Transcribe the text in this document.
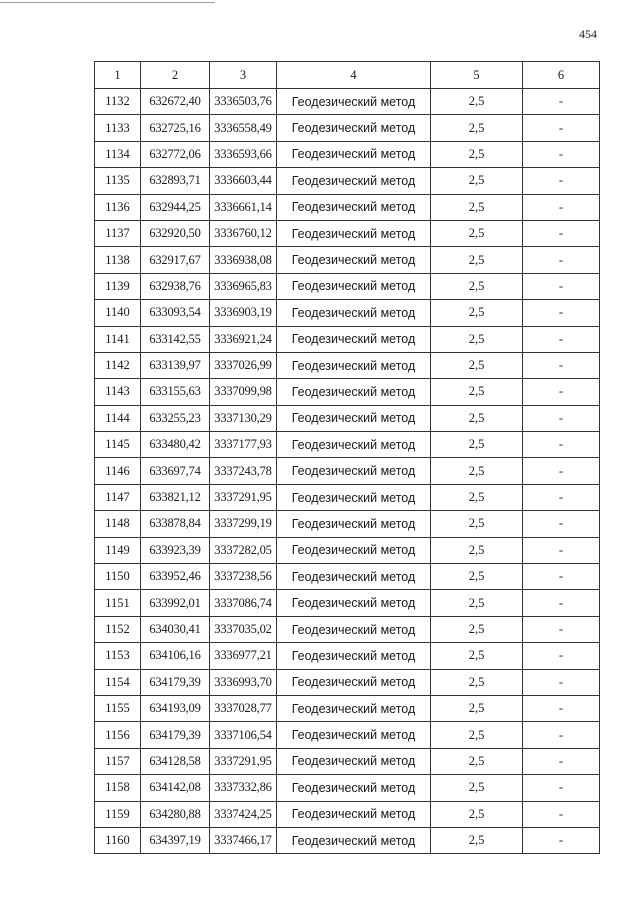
454
1	2	3	4	5	6
1132	632672,40	3336503,76	Геодезический метод	2,5	-
1133	632725,16	3336558,49	Геодезический метод	2,5	-
1134	632772,06	3336593,66	Геодезический метод	2,5	-
1135	632893,71	3336603,44	Геодезический метод	2,5	-
1136	632944,25	3336661,14	Геодезический метод	2,5	-
1137	632920,50	3336760,12	Геодезический метод	2,5	-
1138	632917,67	3336938,08	Геодезический метод	2,5	-
1139	632938,76	3336965,83	Геодезический метод	2,5	-
1140	633093,54	3336903,19	Геодезический метод	2,5	-
1141	633142,55	3336921,24	Геодезический метод	2,5	-
1142	633139,97	3337026,99	Геодезический метод	2,5	-
1143	633155,63	3337099,98	Геодезический метод	2,5	-
1144	633255,23	3337130,29	Геодезический метод	2,5	-
1145	633480,42	3337177,93	Геодезический метод	2,5	-
1146	633697,74	3337243,78	Геодезический метод	2,5	-
1147	633821,12	3337291,95	Геодезический метод	2,5	-
1148	633878,84	3337299,19	Геодезический метод	2,5	-
1149	633923,39	3337282,05	Геодезический метод	2,5	-
1150	633952,46	3337238,56	Геодезический метод	2,5	-
1151	633992,01	3337086,74	Геодезический метод	2,5	-
1152	634030,41	3337035,02	Геодезический метод	2,5	-
1153	634106,16	3336977,21	Геодезический метод	2,5	-
1154	634179,39	3336993,70	Геодезический метод	2,5	-
1155	634193,09	3337028,77	Геодезический метод	2,5	-
1156	634179,39	3337106,54	Геодезический метод	2,5	-
1157	634128,58	3337291,95	Геодезический метод	2,5	-
1158	634142,08	3337332,86	Геодезический метод	2,5	-
1159	634280,88	3337424,25	Геодезический метод	2,5	-
1160	634397,19	3337466,17	Геодезический метод	2,5	-
